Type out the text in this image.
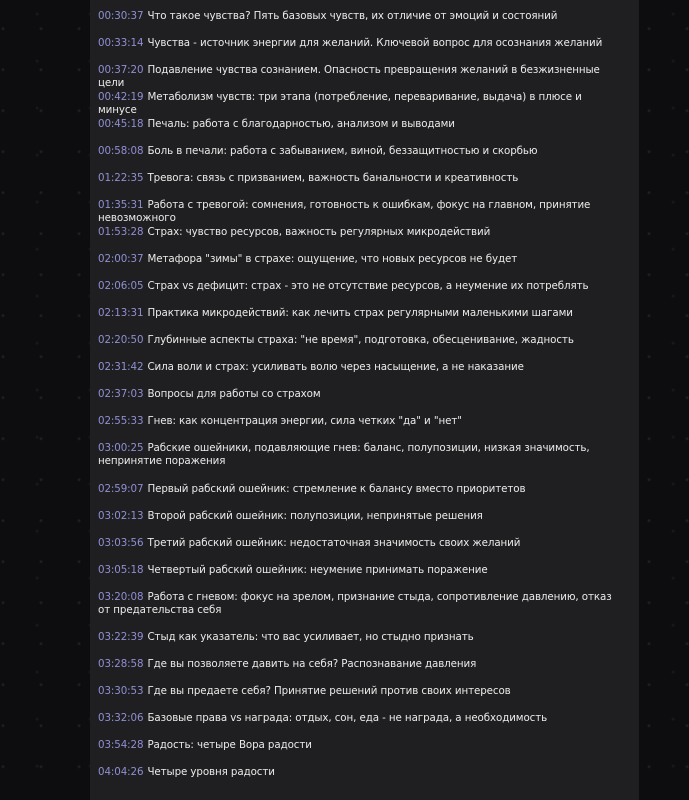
00:30:37 Что такое чувства? Пять базовых чувств, их отличие от эмоций и состояний
00:33:14 Чувства - источник энергии для желаний. Ключевой вопрос для осознания желаний
00:37:20 Подавление чувства сознанием. Опасность превращения желаний в безжизненные цели
00:42:19 Метаболизм чувств: три этапа (потребление, переваривание, выдача) в плюсе и минусе
00:45:18 Печаль: работа с благодарностью, анализом и выводами
00:58:08 Боль в печали: работа с забыванием, виной, беззащитностью и скорбью
01:22:35 Тревога: связь с призванием, важность банальности и креативность
01:35:31 Работа с тревогой: сомнения, готовность к ошибкам, фокус на главном, принятие невозможного
01:53:28 Страх: чувство ресурсов, важность регулярных микродействий
02:00:37 Метафора "зимы" в страхе: ощущение, что новых ресурсов не будет
02:06:05 Страх vs дефицит: страх - это не отсутствие ресурсов, а неумение их потреблять
02:13:31 Практика микродействий: как лечить страх регулярными маленькими шагами
02:20:50 Глубинные аспекты страха: "не время", подготовка, обесценивание, жадность
02:31:42 Сила воли и страх: усиливать волю через насыщение, а не наказание
02:37:03 Вопросы для работы со страхом
02:55:33 Гнев: как концентрация энергии, сила четких "да" и "нет"
03:00:25 Рабские ошейники, подавляющие гнев: баланс, полупозиции, низкая значимость, непринятие поражения
02:59:07 Первый рабский ошейник: стремление к балансу вместо приоритетов
03:02:13 Второй рабский ошейник: полупозиции, непринятые решения
03:03:56 Третий рабский ошейник: недостаточная значимость своих желаний
03:05:18 Четвертый рабский ошейник: неумение принимать поражение
03:20:08 Работа с гневом: фокус на зрелом, признание стыда, сопротивление давлению, отказ от предательства себя
03:22:39 Стыд как указатель: что вас усиливает, но стыдно признать
03:28:58 Где вы позволяете давить на себя? Распознавание давления
03:30:53 Где вы предаете себя? Принятие решений против своих интересов
03:32:06 Базовые права vs награда: отдых, сон, еда - не награда, а необходимость
03:54:28 Радость: четыре Вора радости
04:04:26 Четыре уровня радости
